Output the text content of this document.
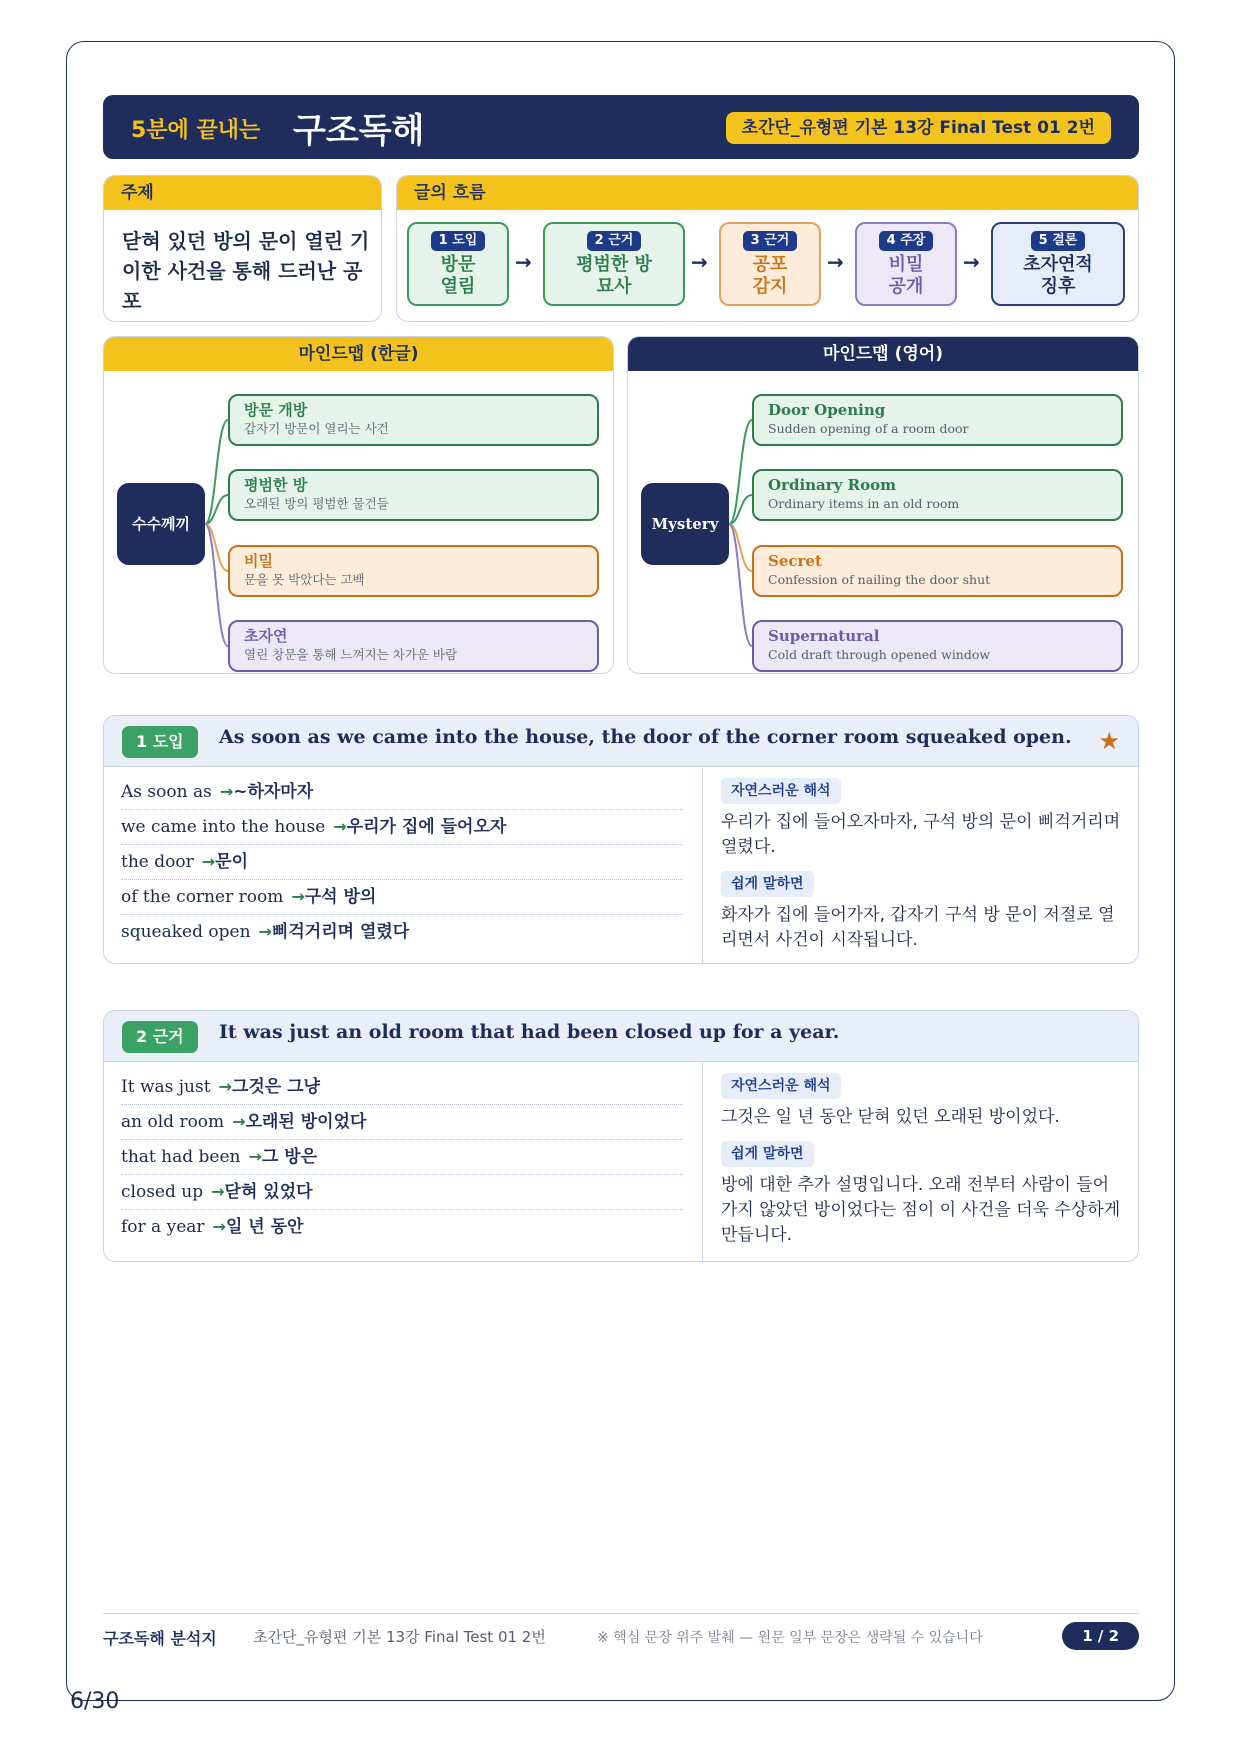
5분에 끝내는 구조독해	초간단_유형편 기본 13강 Final Test 01 2번
주제
닫혀 있던 방의 문이 열린 기이한 사건을 통해 드러난 공포
글의 흐름
1 도입
방문
열림
→
2 근거
평범한 방
묘사
→
3 근거
공포
감지
→
4 주장
비밀
공개
→
5 결론
초자연적
징후
마인드맵 (한글)
수수께끼
방문 개방
갑자기 방문이 열리는 사건
평범한 방
오래된 방의 평범한 물건들
비밀
문을 못 박았다는 고백
초자연
열린 창문을 통해 느껴지는 차가운 바람
마인드맵 (영어)
Mystery
Door Opening
Sudden opening of a room door
Ordinary Room
Ordinary items in an old room
Secret
Confession of nailing the door shut
Supernatural
Cold draft through opened window
1 도입	As soon as we came into the house, the door of the corner room squeaked open. ★
As soon as →~하자마자
we came into the house →우리가 집에 들어오자
the door →문이
of the corner room →구석 방의
squeaked open →삐걱거리며 열렸다
자연스러운 해석
우리가 집에 들어오자마자, 구석 방의 문이 삐걱거리며 열렸다.
쉽게 말하면
화자가 집에 들어가자, 갑자기 구석 방 문이 저절로 열리면서 사건이 시작됩니다.
2 근거	It was just an old room that had been closed up for a year.
It was just →그것은 그냥
an old room →오래된 방이었다
that had been →그 방은
closed up →닫혀 있었다
for a year →일 년 동안
자연스러운 해석
그것은 일 년 동안 닫혀 있던 오래된 방이었다.
쉽게 말하면
방에 대한 추가 설명입니다. 오래 전부터 사람이 들어가지 않았던 방이었다는 점이 이 사건을 더욱 수상하게 만듭니다.
구조독해 분석지 초간단_유형편 기본 13강 Final Test 01 2번	※ 핵심 문장 위주 발췌 — 원문 일부 문장은 생략될 수 있습니다	1 / 2
6/30
